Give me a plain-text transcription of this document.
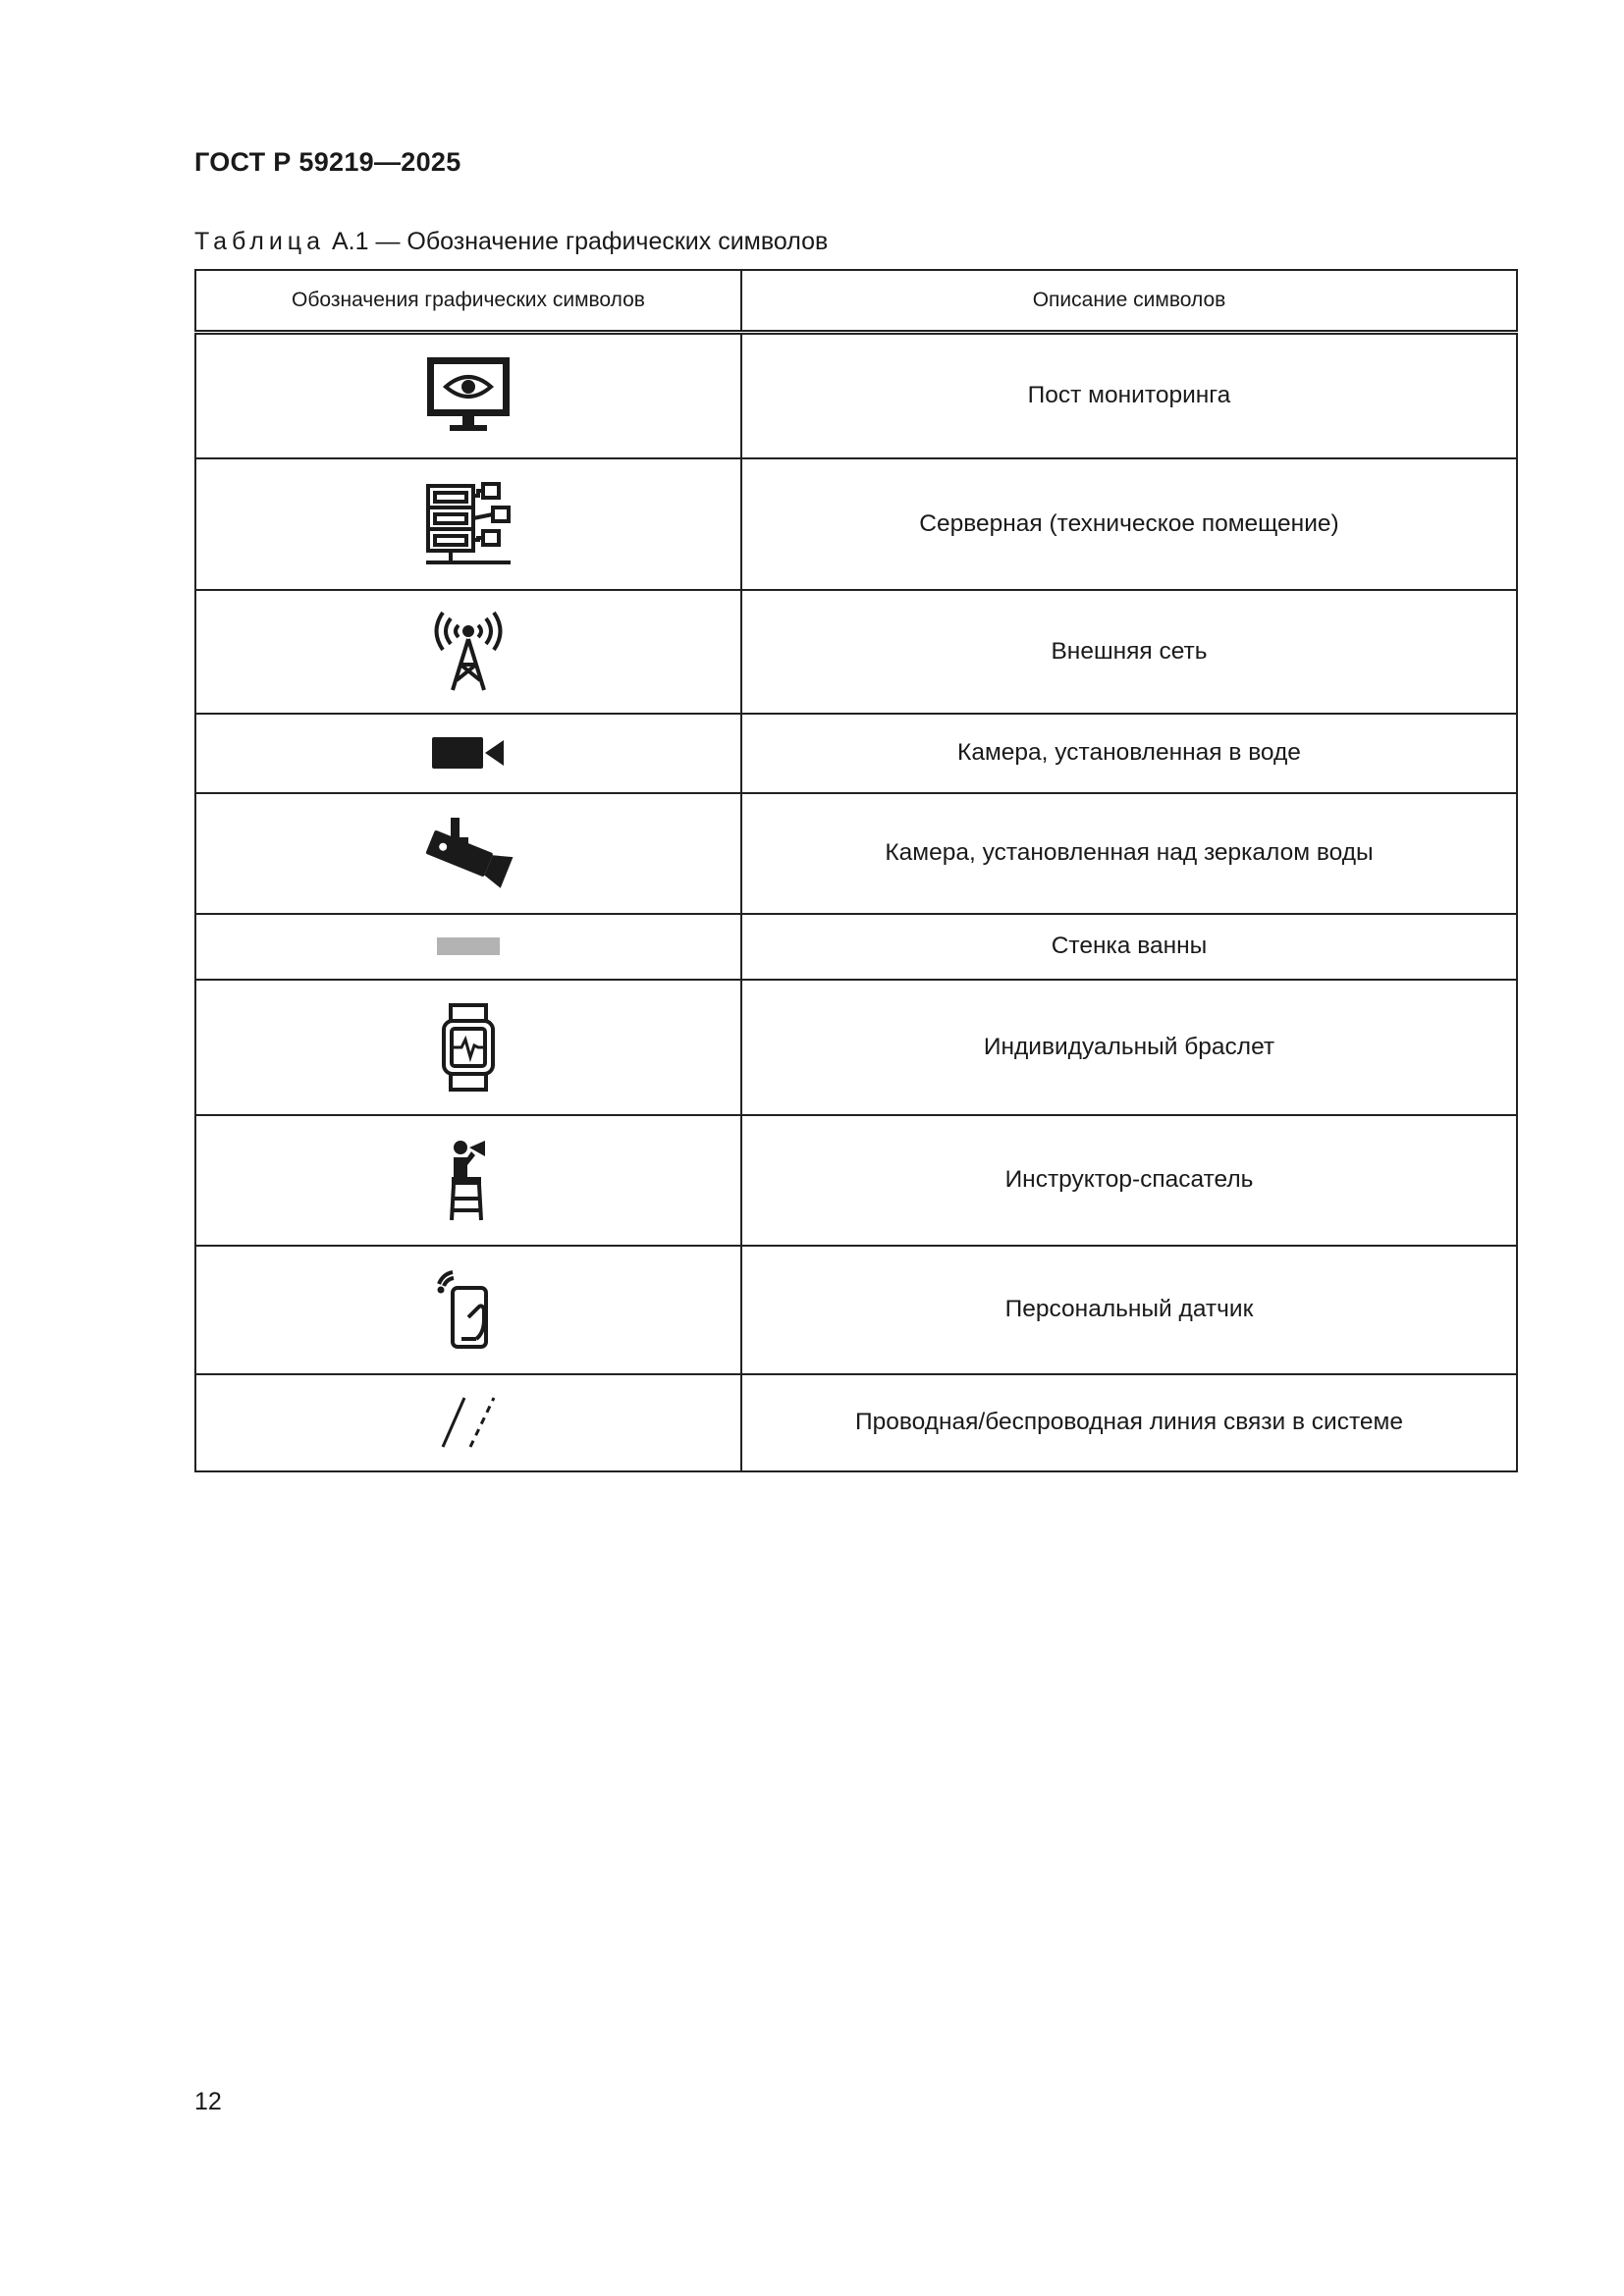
ГОСТ Р 59219—2025
Таблица А.1 — Обозначение графических символов
Обозначения графических символов	Описание символов

	Пост мониторинга

	Серверная (техническое помещение)

	Внешняя сеть

	Камера, установленная в воде

	Камера, установленная над зеркалом воды

	Стенка ванны

	Индивидуальный браслет

	Инструктор-спасатель

	Персональный датчик

	Проводная/беспроводная линия связи в системе
12
